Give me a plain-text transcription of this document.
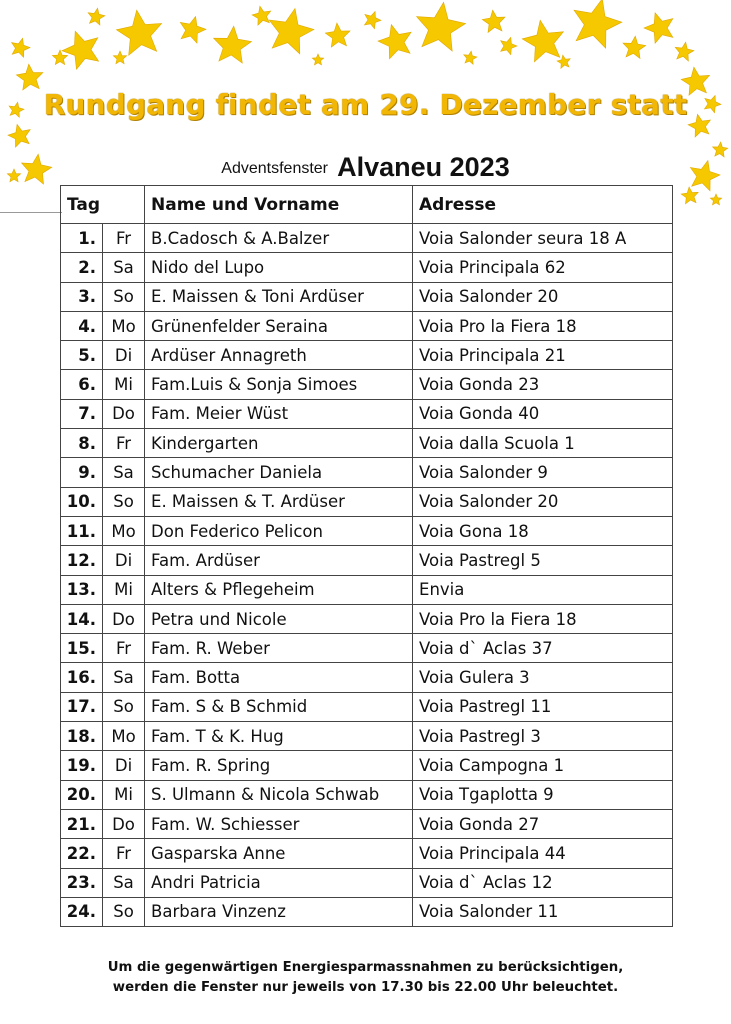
Rundgang findet am 29. Dezember statt
Adventsfenster Alvaneu 2023
Tag		Name und Vorname	Adresse
1.	Fr	B.Cadosch & A.Balzer	Voia Salonder seura 18 A
2.	Sa	Nido del Lupo	Voia Principala 62
3.	So	E. Maissen & Toni Ardüser	Voia Salonder 20
4.	Mo	Grünenfelder Seraina	Voia Pro la Fiera 18
5.	Di	Ardüser Annagreth	Voia Principala 21
6.	Mi	Fam.Luis & Sonja Simoes	Voia Gonda 23
7.	Do	Fam. Meier Wüst	Voia Gonda 40
8.	Fr	Kindergarten	Voia dalla Scuola 1
9.	Sa	Schumacher Daniela	Voia Salonder 9
10.	So	E. Maissen & T. Ardüser	Voia Salonder 20
11.	Mo	Don Federico Pelicon	Voia Gona 18
12.	Di	Fam. Ardüser	Voia Pastregl 5
13.	Mi	Alters & Pflegeheim	Envia
14.	Do	Petra und Nicole	Voia Pro la Fiera 18
15.	Fr	Fam. R. Weber	Voia d` Aclas 37
16.	Sa	Fam. Botta	Voia Gulera 3
17.	So	Fam. S & B Schmid	Voia Pastregl 11
18.	Mo	Fam. T & K. Hug	Voia Pastregl 3
19.	Di	Fam. R. Spring	Voia Campogna 1
20.	Mi	S. Ulmann & Nicola Schwab	Voia Tgaplotta 9
21.	Do	Fam. W. Schiesser	Voia Gonda 27
22.	Fr	Gasparska Anne	Voia Principala 44
23.	Sa	Andri Patricia	Voia d` Aclas 12
24.	So	Barbara Vinzenz	Voia Salonder 11
Um die gegenwärtigen Energiesparmassnahmen zu berücksichtigen,
werden die Fenster nur jeweils von 17.30 bis 22.00 Uhr beleuchtet.
